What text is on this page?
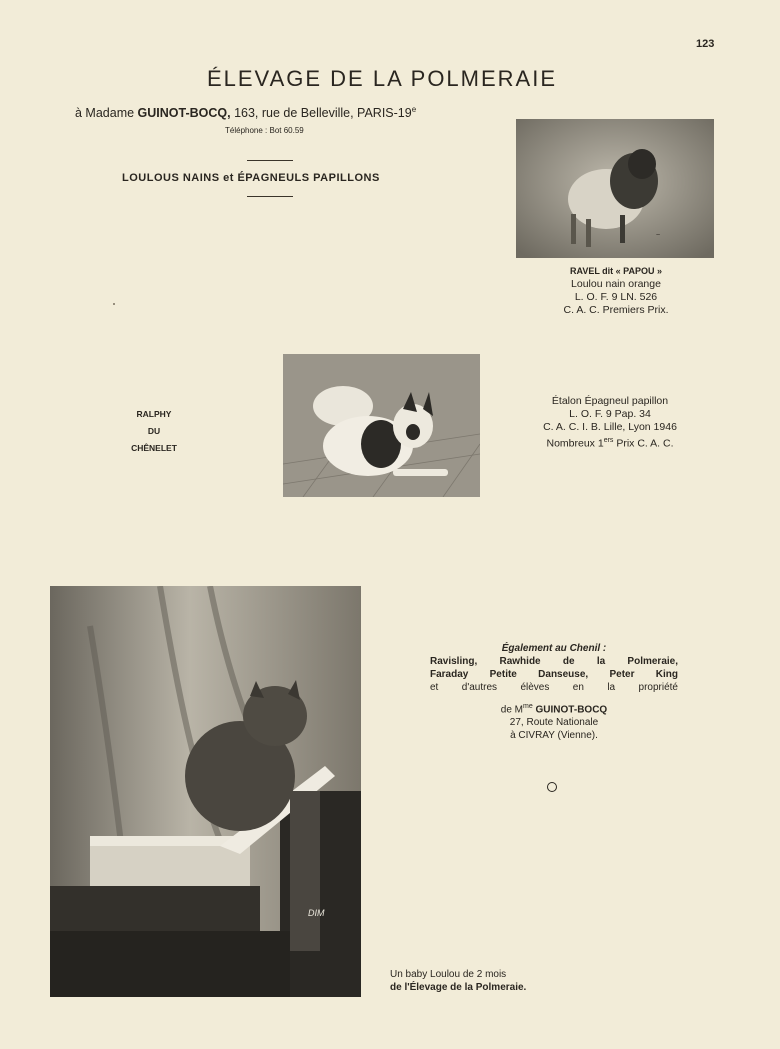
123
ÉLEVAGE DE LA POLMERAIE
à Madame GUINOT-BOCQ, 163, rue de Belleville, PARIS-19e
Téléphone : Bot 60.59
LOULOUS NAINS et ÉPAGNEULS PAPILLONS
~
RAVEL dit « PAPOU »
Loulou nain orange
L. O. F. 9 LN. 526
C. A. C. Premiers Prix.
RALPHY
DU
CHÊNELET
Étalon Épagneul papillon
L. O. F. 9 Pap. 34
C. A. C. I. B. Lille, Lyon 1946
Nombreux 1ers Prix C. A. C.
DIM
Également au Chenil :
Ravisling, Rawhide de la Polmeraie,
Faraday Petite Danseuse, Peter King
et d'autres élèves en la propriété
de $M^{me}$ GUINOT-BOCQ
27, Route Nationale
à CIVRAY (Vienne).
Un baby Loulou de 2 mois
de l'Élevage de la Polmeraie.
